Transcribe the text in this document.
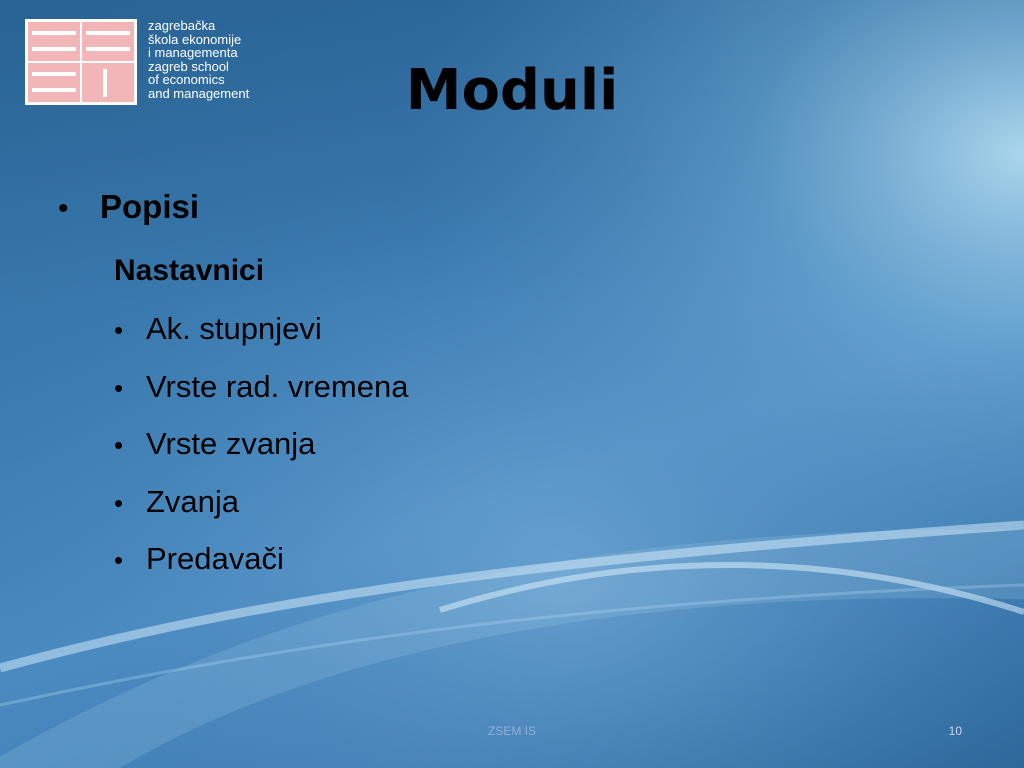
zagrebačka
škola ekonomije
i managementa
zagreb school
of economics
and management	Moduli
• Popisi
Nastavnici
• Ak. stupnjevi
• Vrste rad. vremena
• Vrste zvanja
• Zvanja
• Predavači
ZSEM IS	10
